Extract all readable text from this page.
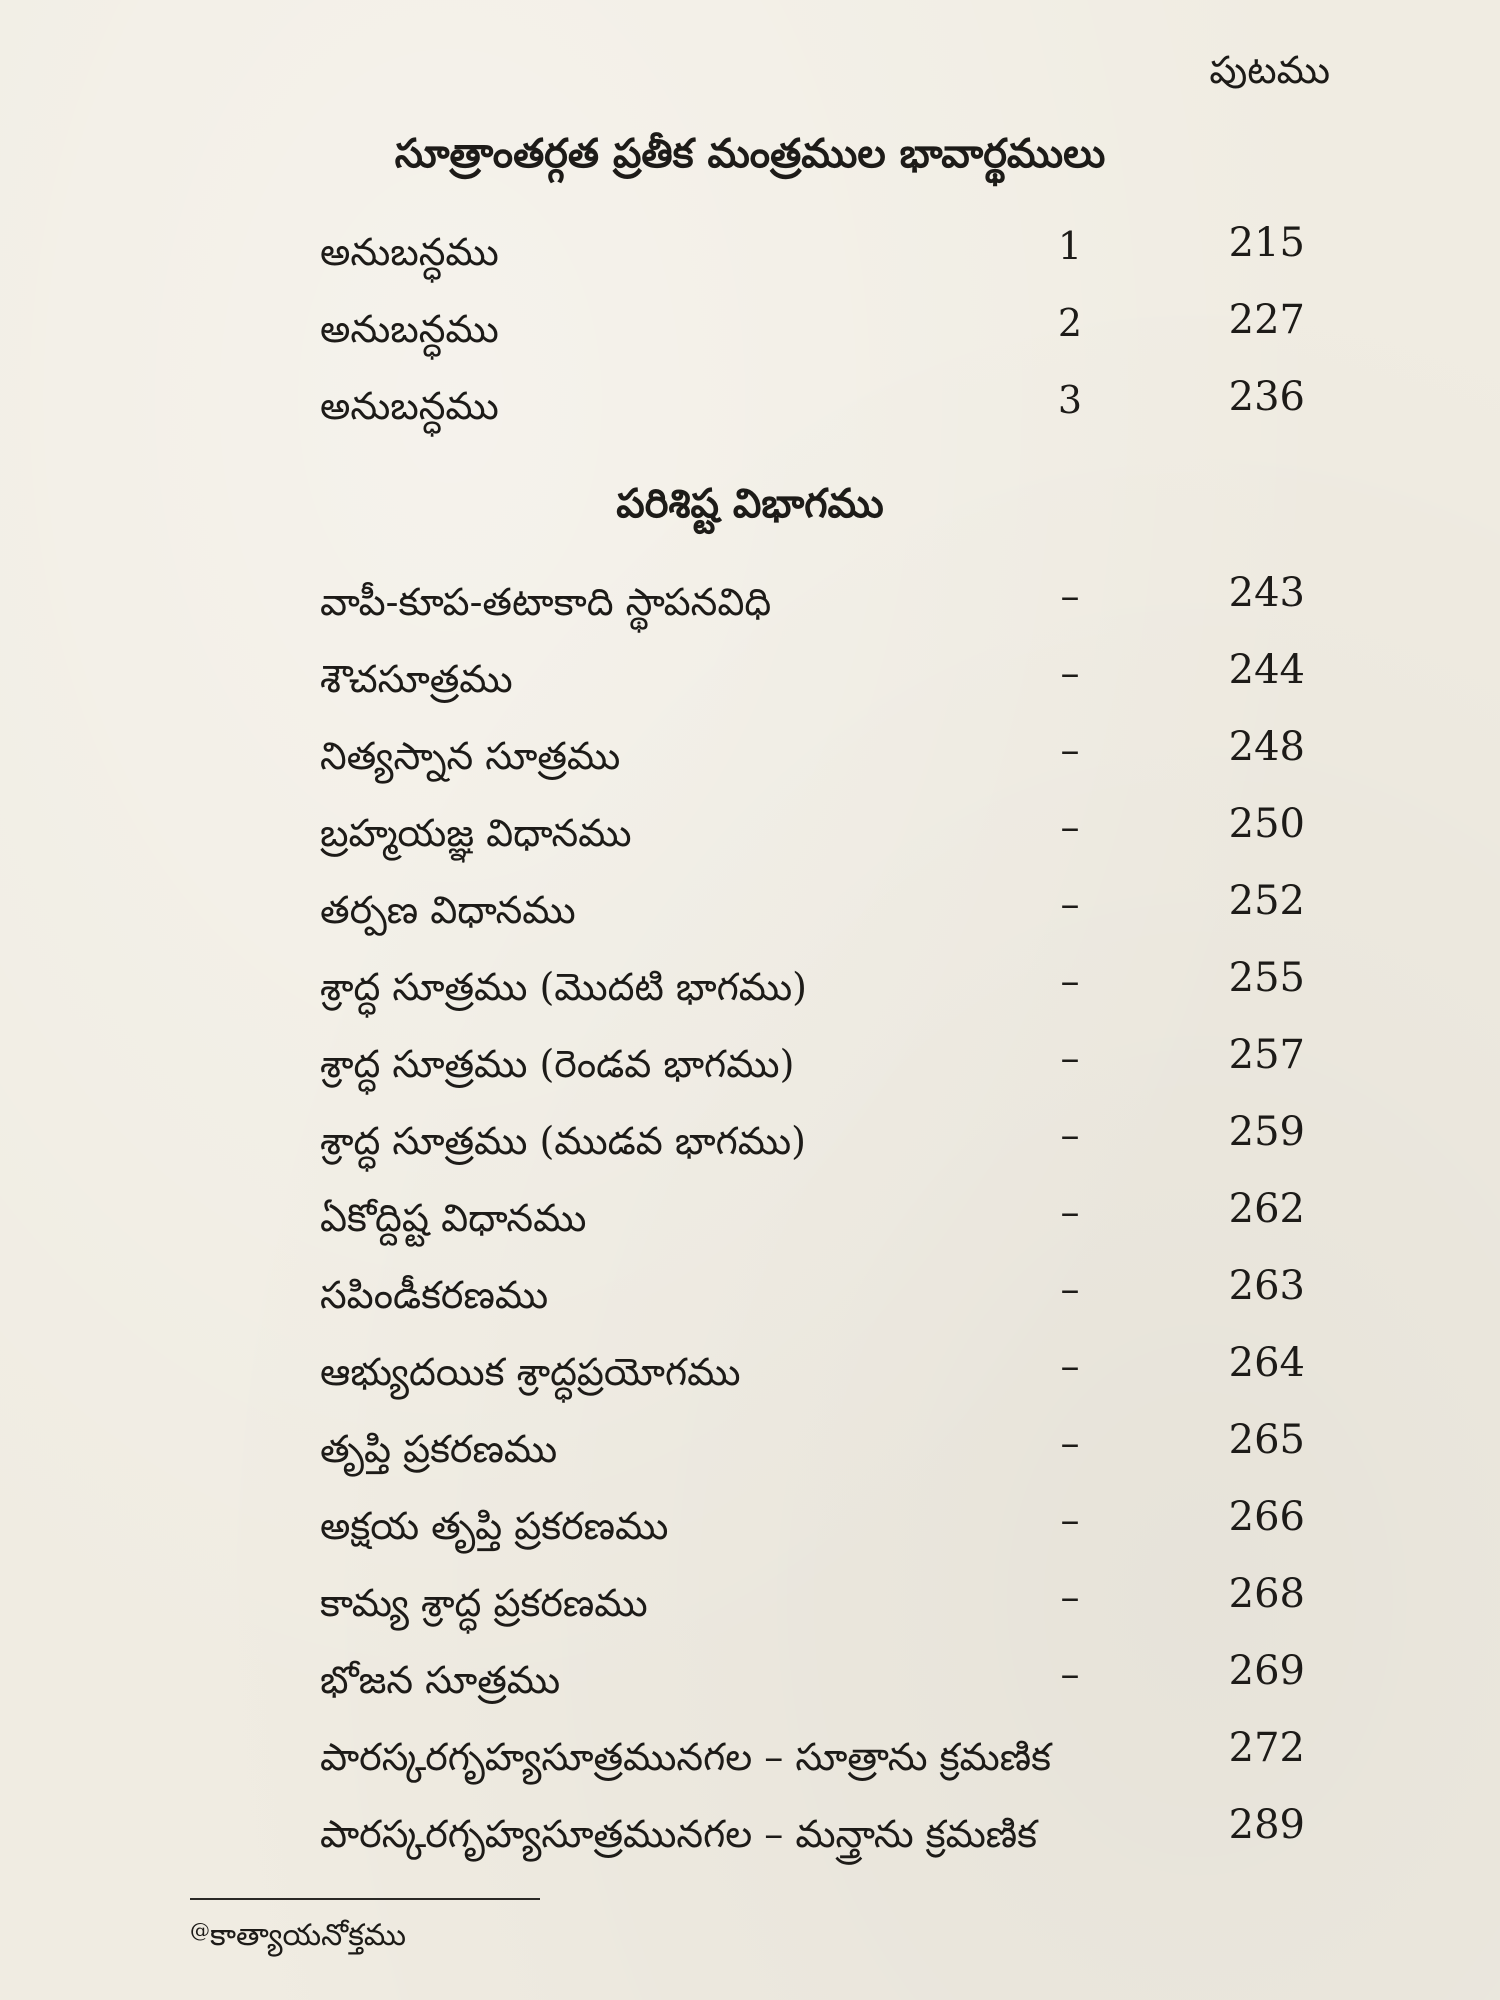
పుటము
సూత్రాంతర్గత ప్రతీక మంత్రముల భావార్థములు
అనుబన్ధము	1	215
అనుబన్ధము	2	227
అనుబన్ధము	3	236
పరిశిష్ట విభాగము
వాపీ-కూప-తటాకాది స్థాపనవిధి	–	243
శౌచసూత్రము	–	244
నిత్యస్నాన సూత్రము	–	248
బ్రహ్మయజ్ఞ విధానము	–	250
తర్పణ విధానము	–	252
శ్రాద్ధ సూత్రము (మొదటి భాగము)	–	255
శ్రాద్ధ సూత్రము (రెండవ భాగము)	–	257
శ్రాద్ధ సూత్రము (ముడవ భాగము)	–	259
ఏకోద్దిష్ట విధానము	–	262
సపిండీకరణము	–	263
ఆభ్యుదయిక శ్రాద్ధప్రయోగము	–	264
తృప్తి ప్రకరణము	–	265
అక్షయ తృప్తి ప్రకరణము	–	266
కామ్య శ్రాద్ధ ప్రకరణము	–	268
భోజన సూత్రము	–	269
పారస్కరగృహ్యసూత్రమునగల – సూత్రాను క్రమణిక	272
పారస్కరగృహ్యసూత్రమునగల – మన్త్రాను క్రమణిక	289
@కాత్యాయనోక్తము
